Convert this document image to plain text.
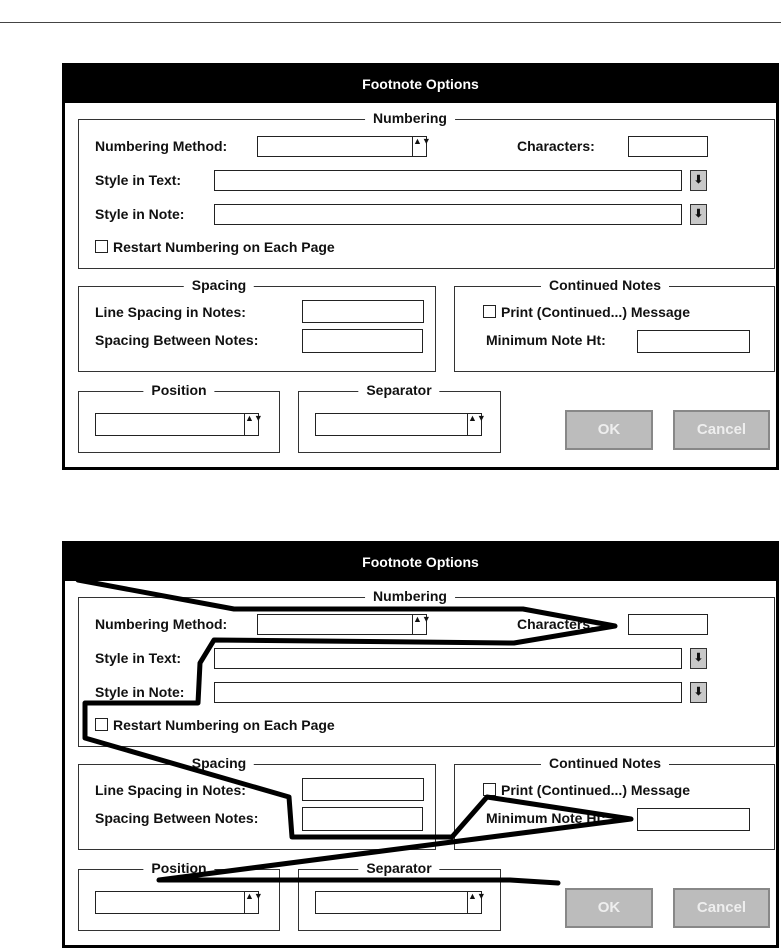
Footnote Options
Numbering
Numbering Method:	▲▼	Characters:
Style in Text:	⬇
Style in Note:	⬇
Restart Numbering on Each Page
Spacing
Line Spacing in Notes:
Spacing Between Notes:
Continued Notes
Print (Continued...) Message
Minimum Note Ht:
Position
▲▼
Separator
▲▼
OK	Cancel
Footnote Options
Numbering
Numbering Method:	▲▼	Characters:
Style in Text:	⬇
Style in Note:	⬇
Restart Numbering on Each Page
Spacing
Line Spacing in Notes:
Spacing Between Notes:
Continued Notes
Print (Continued...) Message
Minimum Note Ht:
Position
▲▼
Separator
▲▼
OK	Cancel
